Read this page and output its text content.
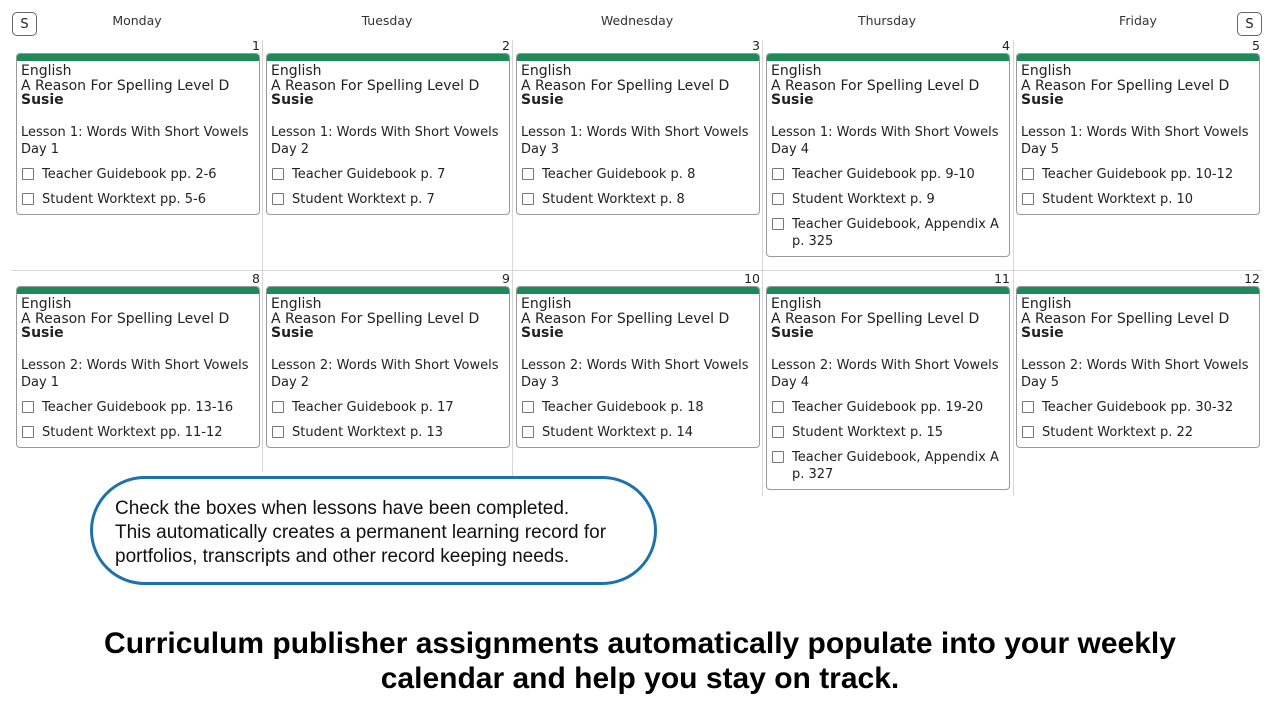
S	S
Monday	Tuesday	Wednesday	Thursday	Friday
1	2	3	4	5
English
A Reason For Spelling Level D
Susie
Lesson 1: Words With Short Vowels
Day 1
Teacher Guidebook pp. 2-6
Student Worktext pp. 5-6
English
A Reason For Spelling Level D
Susie
Lesson 1: Words With Short Vowels
Day 2
Teacher Guidebook p. 7
Student Worktext p. 7
English
A Reason For Spelling Level D
Susie
Lesson 1: Words With Short Vowels
Day 3
Teacher Guidebook p. 8
Student Worktext p. 8
English
A Reason For Spelling Level D
Susie
Lesson 1: Words With Short Vowels
Day 4
Teacher Guidebook pp. 9-10
Student Worktext p. 9
Teacher Guidebook, Appendix A
p. 325
English
A Reason For Spelling Level D
Susie
Lesson 1: Words With Short Vowels
Day 5
Teacher Guidebook pp. 10-12
Student Worktext p. 10
8	9	10	11	12
English
A Reason For Spelling Level D
Susie
Lesson 2: Words With Short Vowels
Day 1
Teacher Guidebook pp. 13-16
Student Worktext pp. 11-12
English
A Reason For Spelling Level D
Susie
Lesson 2: Words With Short Vowels
Day 2
Teacher Guidebook p. 17
Student Worktext p. 13
English
A Reason For Spelling Level D
Susie
Lesson 2: Words With Short Vowels
Day 3
Teacher Guidebook p. 18
Student Worktext p. 14
English
A Reason For Spelling Level D
Susie
Lesson 2: Words With Short Vowels
Day 4
Teacher Guidebook pp. 19-20
Student Worktext p. 15
Teacher Guidebook, Appendix A
p. 327
English
A Reason For Spelling Level D
Susie
Lesson 2: Words With Short Vowels
Day 5
Teacher Guidebook pp. 30-32
Student Worktext p. 22
Check the boxes when lessons have been completed.
This automatically creates a permanent learning record for
portfolios, transcripts and other record keeping needs.
Curriculum publisher assignments automatically populate into your weekly
calendar and help you stay on track.
